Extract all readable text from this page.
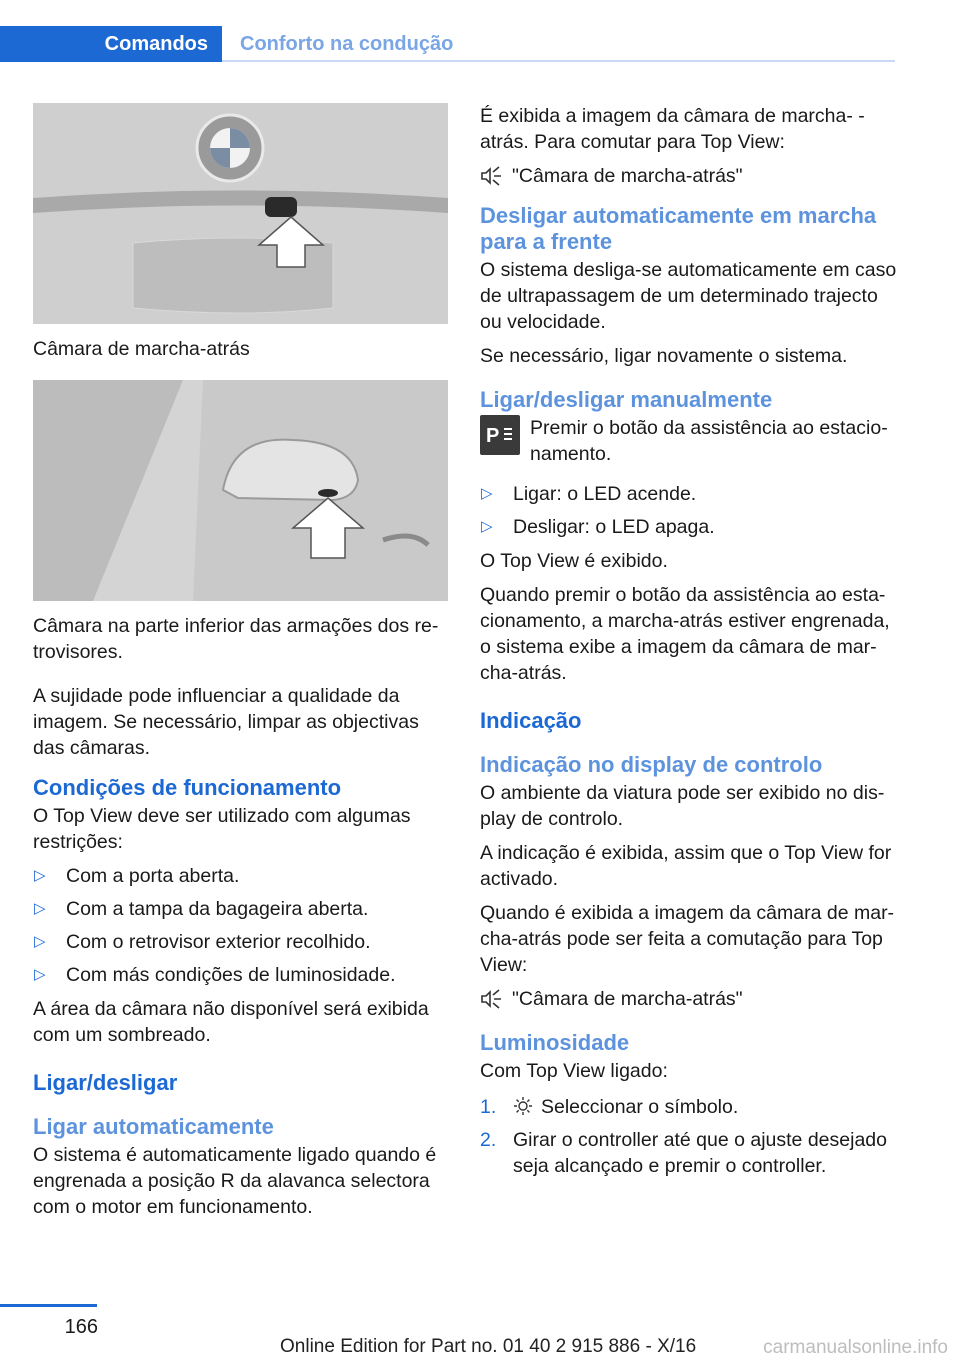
Comandos	Conforto na condução

Câmara de marcha-atrás

Câmara na parte inferior das armações dos re- trovisores.

A sujidade pode influenciar a qualidade da imagem. Se necessário, limpar as objectivas das câmaras.

Condições de funcionamento

O Top View deve ser utilizado com algumas restrições:

▷ Com a porta aberta.
▷ Com a tampa da bagageira aberta.
▷ Com o retrovisor exterior recolhido.
▷ Com más condições de luminosidade.

A área da câmara não disponível será exibida com um sombreado.

Ligar/desligar
Ligar automaticamente

O sistema é automaticamente ligado quando é engrenada a posição R da alavanca selectora com o motor em funcionamento.

É exibida a imagem da câmara de marcha- -atrás. Para comutar para Top View:

"Câmara de marcha-atrás"
Desligar automaticamente em marcha para a frente

O sistema desliga-se automaticamente em caso de ultrapassagem de um determinado trajecto ou velocidade.

Se necessário, ligar novamente o sistema.

Ligar/desligar manualmente
P Premir o botão da assistência ao estacio- namento.

▷ Ligar: o LED acende.
▷ Desligar: o LED apaga.

O Top View é exibido.

Quando premir o botão da assistência ao esta- cionamento, a marcha-atrás estiver engrenada, o sistema exibe a imagem da câmara de mar- cha-atrás.

Indicação
Indicação no display de controlo

O ambiente da viatura pode ser exibido no dis- play de controlo.

A indicação é exibida, assim que o Top View for activado.

Quando é exibida a imagem da câmara de mar- cha-atrás pode ser feita a comutação para Top View:

"Câmara de marcha-atrás"
Luminosidade

Com Top View ligado:

1. Seleccionar o símbolo.
2. Girar o controller até que o ajuste desejado seja alcançado e premir o controller.
166
Online Edition for Part no. 01 40 2 915 886 - X/16	carmanualsonline.info
